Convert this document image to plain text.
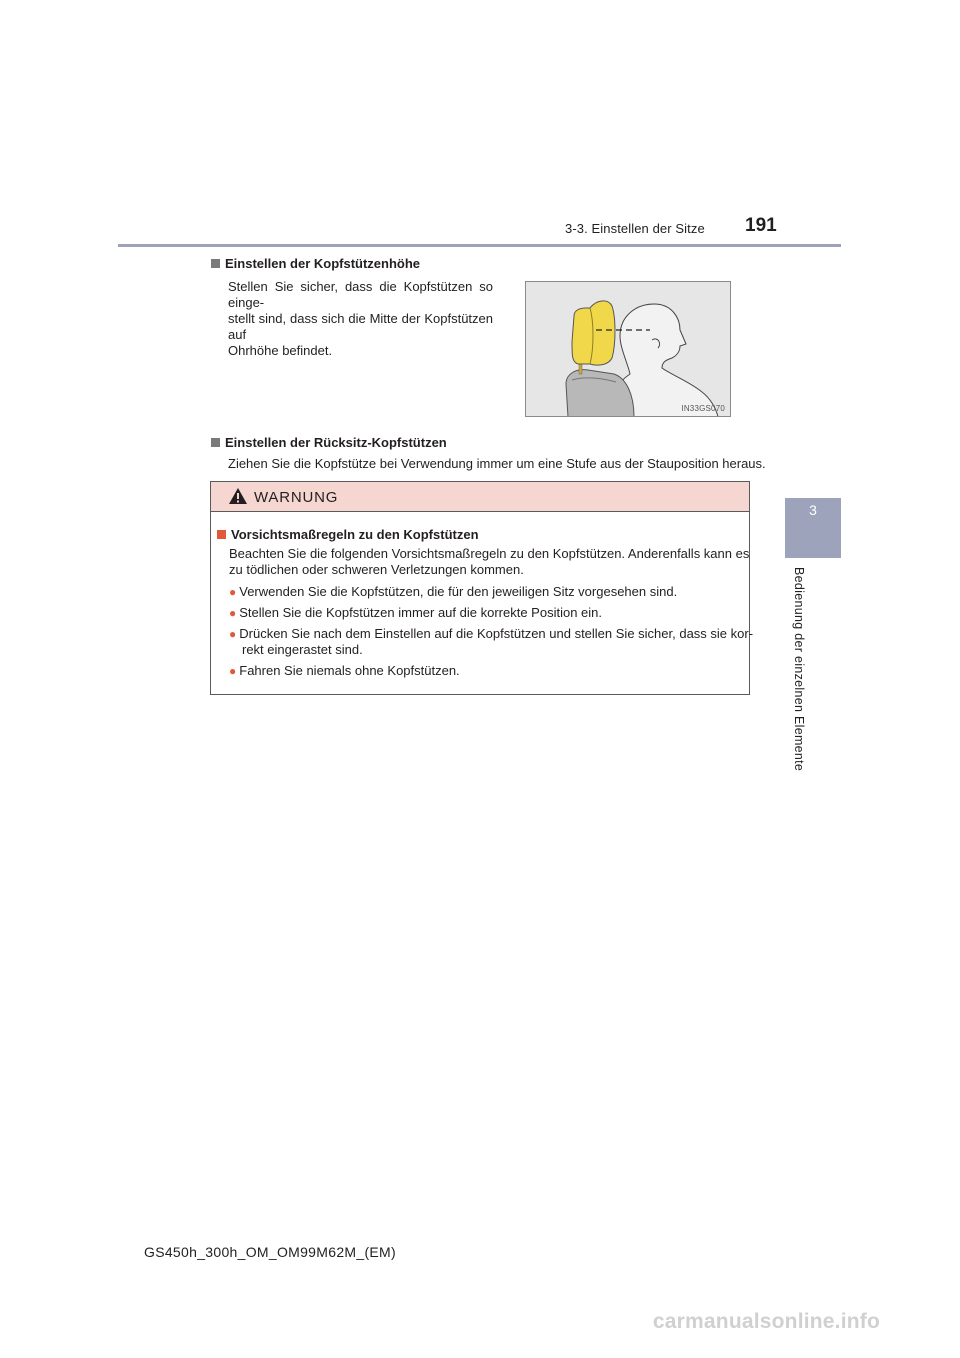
3-3. Einstellen der Sitze 191
3
Bedienung der einzelnen Elemente
Einstellen der Kopfstützenhöhe
Stellen Sie sicher, dass die Kopfstützen so einge-
stellt sind, dass sich die Mitte der Kopfstützen auf
Ohrhöhe befindet.
IN33GS070
Einstellen der Rücksitz-Kopfstützen
Ziehen Sie die Kopfstütze bei Verwendung immer um eine Stufe aus der Stauposition heraus.
WARNUNG
Vorsichtsmaßregeln zu den Kopfstützen
Beachten Sie die folgenden Vorsichtsmaßregeln zu den Kopfstützen. Anderenfalls kann es
zu tödlichen oder schweren Verletzungen kommen.
● Verwenden Sie die Kopfstützen, die für den jeweiligen Sitz vorgesehen sind.
● Stellen Sie die Kopfstützen immer auf die korrekte Position ein.
● Drücken Sie nach dem Einstellen auf die Kopfstützen und stellen Sie sicher, dass sie kor-
rekt eingerastet sind.
● Fahren Sie niemals ohne Kopfstützen.
GS450h_300h_OM_OM99M62M_(EM)
carmanualsonline.info
